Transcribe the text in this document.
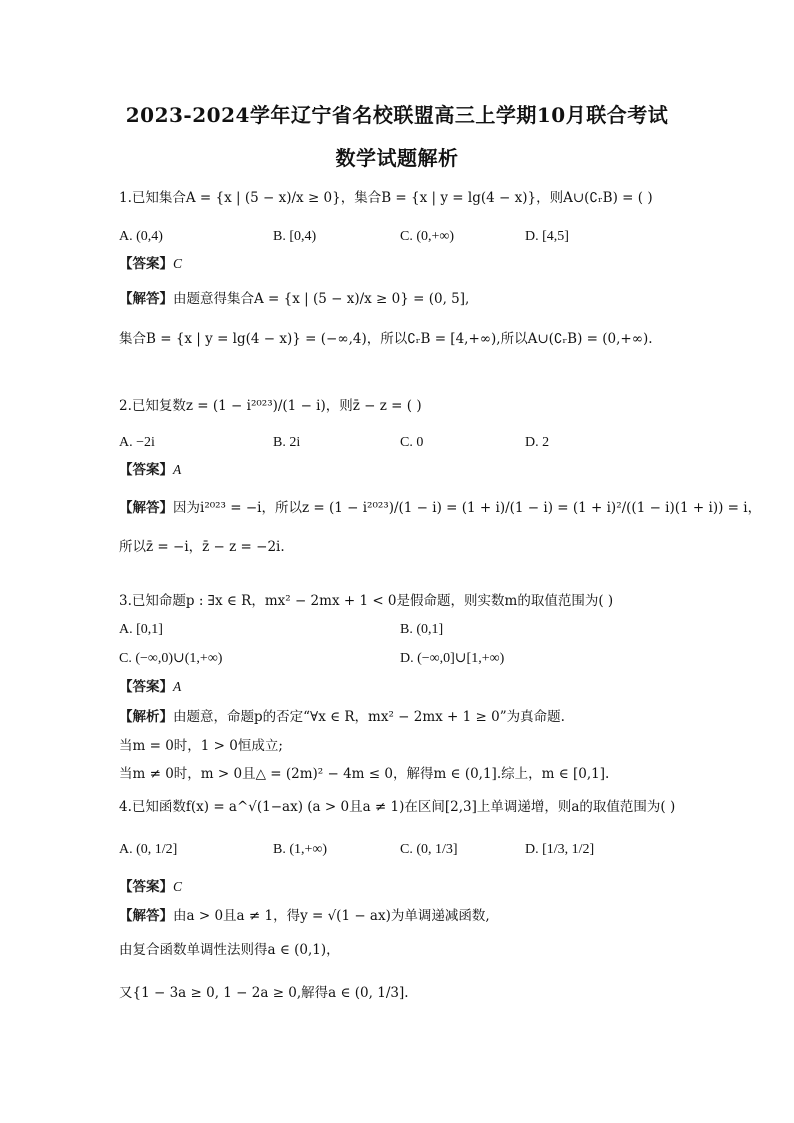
2023-2024学年辽宁省名校联盟高三上学期10月联合考试
数学试题解析
1.已知集合A = {x | (5 − x)/x ≥ 0}，集合B = {x | y = lg(4 − x)}，则A∪(∁ᵣB) = ( )
A. (0,4)	B. [0,4)	C. (0,+∞)	D. [4,5]
【答案】C
【解答】由题意得集合A = {x | (5 − x)/x ≥ 0} = (0, 5],
集合B = {x | y = lg(4 − x)} = (−∞,4)，所以∁ᵣB = [4,+∞),所以A∪(∁ᵣB) = (0,+∞).
2.已知复数z = (1 − i²⁰²³)/(1 − i)，则z̄ − z = ( )
A. −2i	B. 2i	C. 0	D. 2
【答案】A
【解答】因为i²⁰²³ = −i，所以z = (1 − i²⁰²³)/(1 − i) = (1 + i)/(1 − i) = (1 + i)²/((1 − i)(1 + i)) = i，
所以z̄ = −i，z̄ − z = −2i.
3.已知命题p : ∃x ∈ R，mx² − 2mx + 1 < 0是假命题，则实数m的取值范围为( )
A. [0,1]	B. (0,1]
C. (−∞,0)∪(1,+∞)	D. (−∞,0]∪[1,+∞)
【答案】A
【解析】由题意，命题p的否定“∀x ∈ R，mx² − 2mx + 1 ≥ 0”为真命题.
当m = 0时，1 > 0恒成立;
当m ≠ 0时，m > 0且△ = (2m)² − 4m ≤ 0，解得m ∈ (0,1].综上，m ∈ [0,1].
4.已知函数f(x) = a^√(1−ax) (a > 0且a ≠ 1)在区间[2,3]上单调递增，则a的取值范围为( )
A. (0, 1/2]	B. (1,+∞)	C. (0, 1/3]	D. [1/3, 1/2]
【答案】C
【解答】由a > 0且a ≠ 1，得y = √(1 − ax)为单调递减函数,
由复合函数单调性法则得a ∈ (0,1)，
又{1 − 3a ≥ 0, 1 − 2a ≥ 0,解得a ∈ (0, 1/3].
